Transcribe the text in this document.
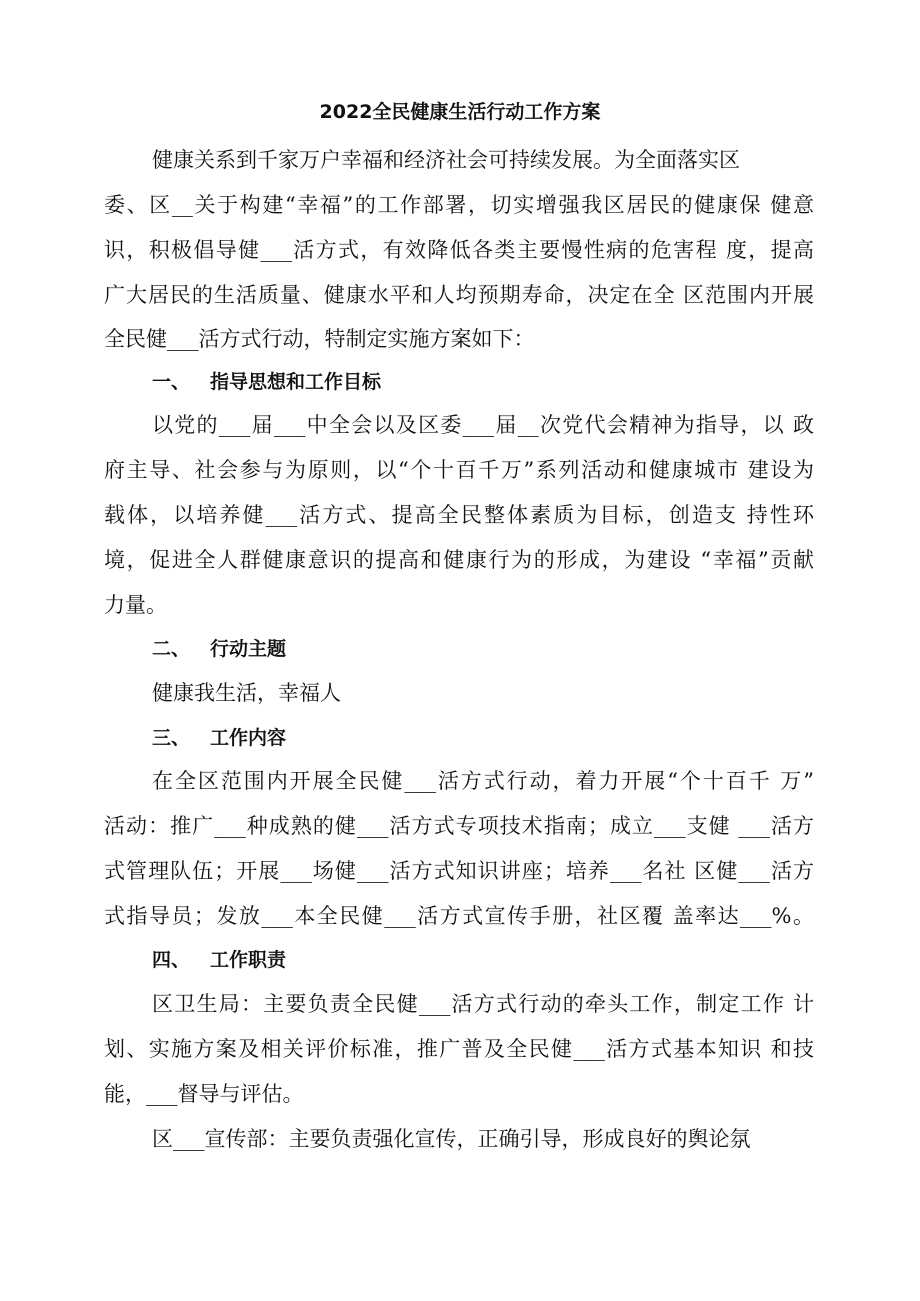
2022全民健康生活行动工作方案
健康关系到千家万户幸福和经济社会可持续发展。为全面落实区
委、区__关于构建“幸福”的工作部署，切实增强我区居民的健康保 健意
识，积极倡导健___活方式，有效降低各类主要慢性病的危害程 度，提高
广大居民的生活质量、健康水平和人均预期寿命，决定在全 区范围内开展
全民健___活方式行动，特制定实施方案如下：
一、 指导思想和工作目标
以党的___届___中全会以及区委___届__次党代会精神为指导，以 政
府主导、社会参与为原则，以“个十百千万”系列活动和健康城市 建设为
载体，以培养健___活方式、提高全民整体素质为目标，创造支 持性环
境，促进全人群健康意识的提高和健康行为的形成，为建设 “幸福”贡献
力量。
二、 行动主题
健康我生活，幸福人
三、 工作内容
在全区范围内开展全民健___活方式行动，着力开展“个十百千 万”
活动：推广___种成熟的健___活方式专项技术指南；成立___支健 ___活方
式管理队伍；开展___场健___活方式知识讲座；培养___名社 区健___活方
式指导员；发放___本全民健___活方式宣传手册，社区覆 盖率达___%。
四、 工作职责
区卫生局：主要负责全民健___活方式行动的牵头工作，制定工作 计
划、实施方案及相关评价标准，推广普及全民健___活方式基本知识 和技
能，___督导与评估。
区___宣传部：主要负责强化宣传，正确引导，形成良好的舆论氛
